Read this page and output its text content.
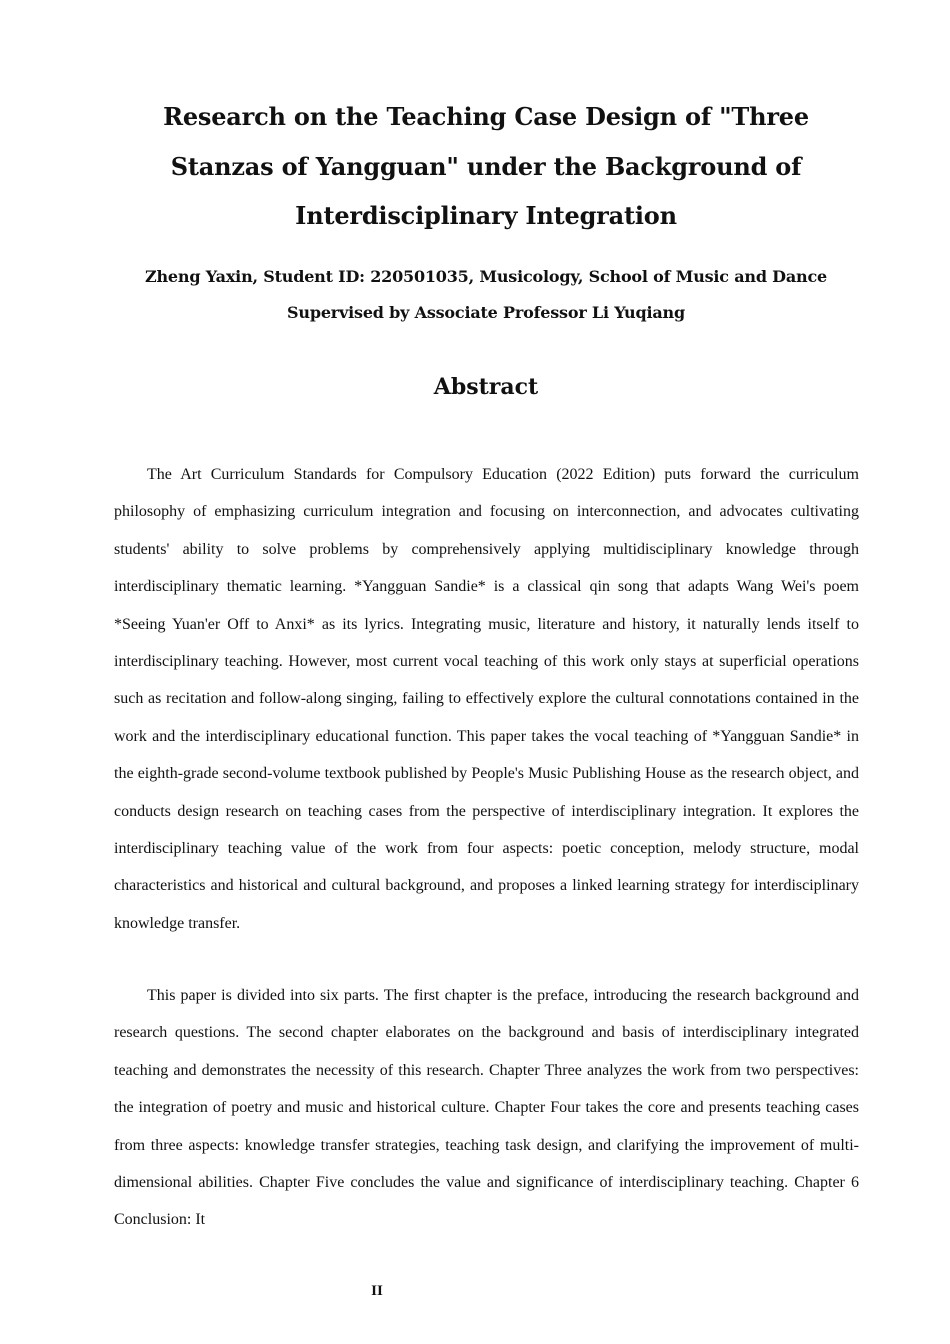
Research on the Teaching Case Design of "Three Stanzas of Yangguan" under the Background of Interdisciplinary Integration

Zheng Yaxin, Student ID: 220501035, Musicology, School of Music and Dance

Supervised by Associate Professor Li Yuqiang

Abstract

The Art Curriculum Standards for Compulsory Education (2022 Edition) puts forward the curriculum philosophy of emphasizing curriculum integration and focusing on interconnection, and advocates cultivating students' ability to solve problems by comprehensively applying multidisciplinary knowledge through interdisciplinary thematic learning. *Yangguan Sandie* is a classical qin song that adapts Wang Wei's poem *Seeing Yuan'er Off to Anxi* as its lyrics. Integrating music, literature and history, it naturally lends itself to interdisciplinary teaching. However, most current vocal teaching of this work only stays at superficial operations such as recitation and follow-along singing, failing to effectively explore the cultural connotations contained in the work and the interdisciplinary educational function. This paper takes the vocal teaching of *Yangguan Sandie* in the eighth-grade second-volume textbook published by People's Music Publishing House as the research object, and conducts design research on teaching cases from the perspective of interdisciplinary integration. It explores the interdisciplinary teaching value of the work from four aspects: poetic conception, melody structure, modal characteristics and historical and cultural background, and proposes a linked learning strategy for interdisciplinary knowledge transfer.

This paper is divided into six parts. The first chapter is the preface, introducing the research background and research questions. The second chapter elaborates on the background and basis of interdisciplinary integrated teaching and demonstrates the necessity of this research. Chapter Three analyzes the work from two perspectives: the integration of poetry and music and historical culture. Chapter Four takes the core and presents teaching cases from three aspects: knowledge transfer strategies, teaching task design, and clarifying the improvement of multi-dimensional abilities. Chapter Five concludes the value and significance of interdisciplinary teaching. Chapter 6 Conclusion: It

II
